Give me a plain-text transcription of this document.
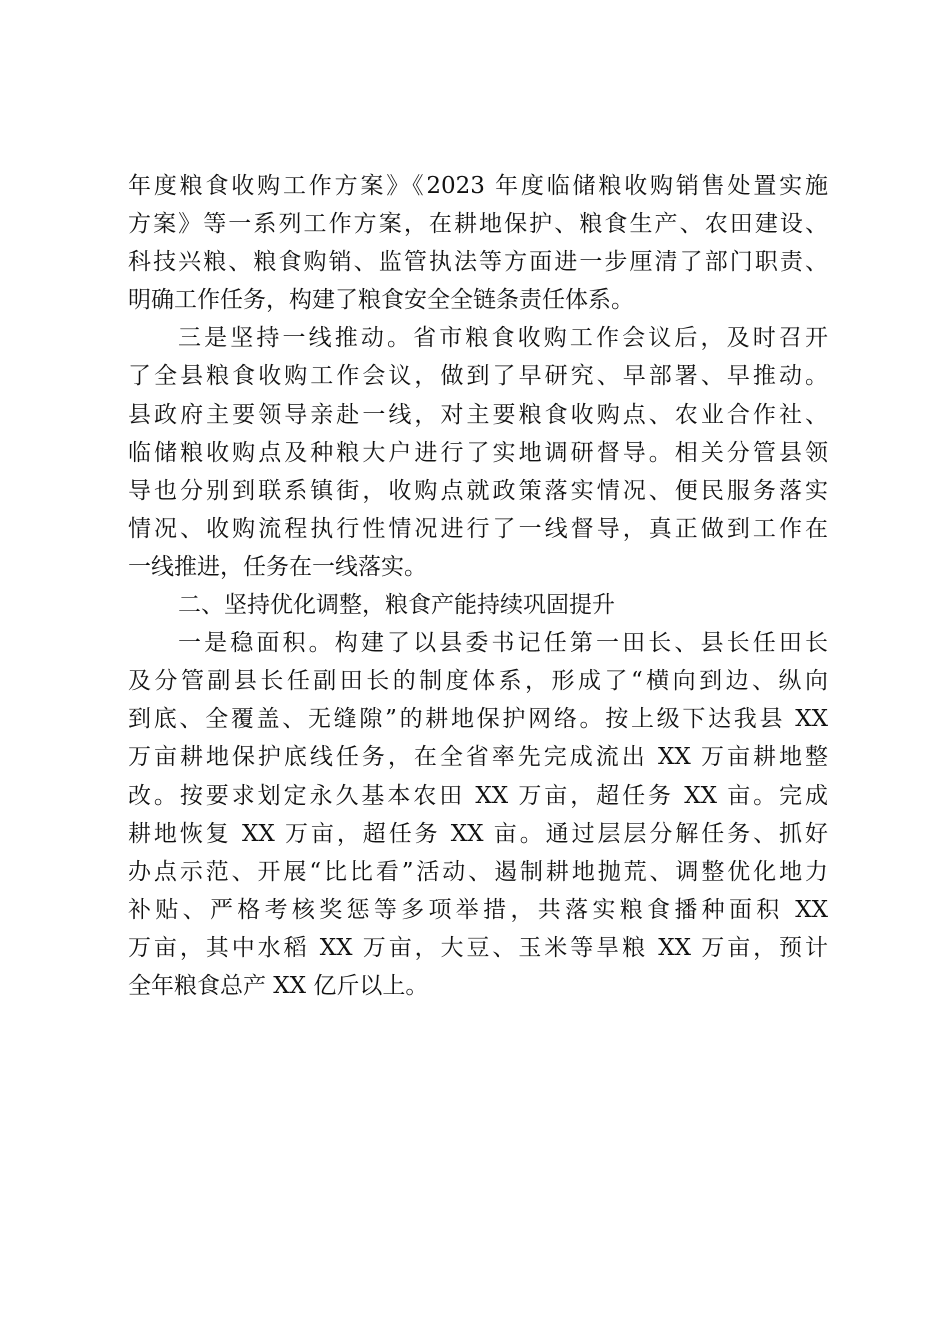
年度粮食收购工作方案》《2023 年度临储粮收购销售处置实施
方案》等一系列工作方案，在耕地保护、粮食生产、农田建设、
科技兴粮、粮食购销、监管执法等方面进一步厘清了部门职责、
明确工作任务，构建了粮食安全全链条责任体系。
三是坚持一线推动。省市粮食收购工作会议后，及时召开
了全县粮食收购工作会议，做到了早研究、早部署、早推动。
县政府主要领导亲赴一线，对主要粮食收购点、农业合作社、
临储粮收购点及种粮大户进行了实地调研督导。相关分管县领
导也分别到联系镇街，收购点就政策落实情况、便民服务落实
情况、收购流程执行性情况进行了一线督导，真正做到工作在
一线推进，任务在一线落实。
二、坚持优化调整，粮食产能持续巩固提升
一是稳面积。构建了以县委书记任第一田长、县长任田长
及分管副县长任副田长的制度体系，形成了“横向到边、纵向
到底、全覆盖、无缝隙”的耕地保护网络。按上级下达我县 XX
万亩耕地保护底线任务，在全省率先完成流出 XX 万亩耕地整
改。按要求划定永久基本农田 XX 万亩，超任务 XX 亩。完成
耕地恢复 XX 万亩，超任务 XX 亩。通过层层分解任务、抓好
办点示范、开展“比比看”活动、遏制耕地抛荒、调整优化地力
补贴、严格考核奖惩等多项举措，共落实粮食播种面积 XX
万亩，其中水稻 XX 万亩，大豆、玉米等旱粮 XX 万亩，预计
全年粮食总产 XX 亿斤以上。
